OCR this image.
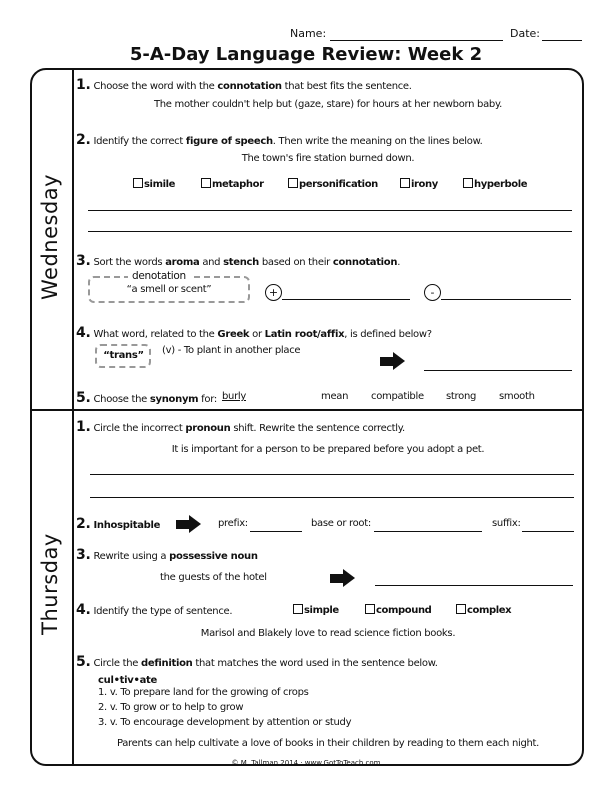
Name:	Date:
5-A-Day Language Review: Week 2
Wednesday
Thursday
1. Choose the word with the connotation that best fits the sentence.
The mother couldn't help but (gaze, stare) for hours at her newborn baby.
2. Identify the correct figure of speech. Then write the meaning on the lines below.
The town's fire station burned down.
simile	metaphor	personification	irony	hyperbole
3. Sort the words aroma and stench based on their connotation.
denotation
“a smell or scent”	+	-
4. What word, related to the Greek or Latin root/affix, is defined below?
“trans”	(v) - To plant in another place
5. Choose the synonym for: burly	mean compatible strong smooth
1. Circle the incorrect pronoun shift. Rewrite the sentence correctly.
It is important for a person to be prepared before you adopt a pet.
2. Inhospitable	prefix:	base or root:	suffix:
3. Rewrite using a possessive noun
the guests of the hotel
4. Identify the type of sentence.	simple	compound	complex
Marisol and Blakely love to read science fiction books.
5. Circle the definition that matches the word used in the sentence below.
cul•tiv•ate
1. v. To prepare land for the growing of crops
2. v. To grow or to help to grow
3. v. To encourage development by attention or study
Parents can help cultivate a love of books in their children by reading to them each night.
© M. Tallman 2014 · www.GotToTeach.com
